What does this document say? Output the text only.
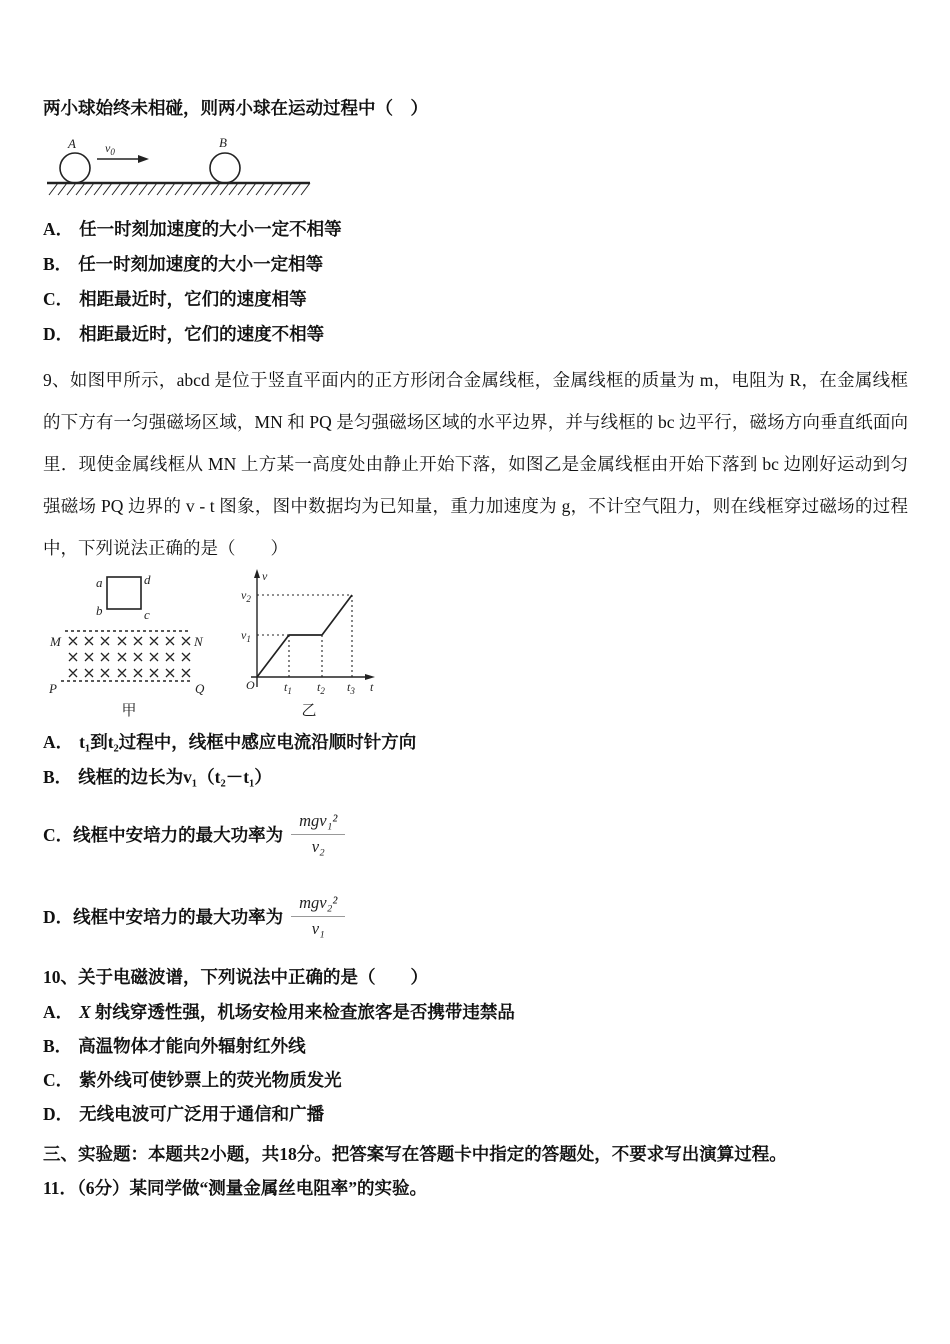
两小球始终未相碰，则两小球在运动过程中（　）

A $v_0$
B

A． 任一时刻加速度的大小一定不相等

B． 任一时刻加速度的大小一定相等

C． 相距最近时，它们的速度相等

D． 相距最近时，它们的速度不相等

9、如图甲所示，abcd 是位于竖直平面内的正方形闭合金属线框，金属线框的质量为 m，电阻为 R，在金属线框的下方有一匀强磁场区域，MN 和 PQ 是匀强磁场区域的水平边界，并与线框的 bc 边平行，磁场方向垂直纸面向里．现使金属线框从 MN 上方某一高度处由静止开始下落，如图乙是金属线框由开始下落到 bc 边刚好运动到匀强磁场 PQ 边界的 v - t 图象，图中数据均为已知量，重力加速度为 g，不计空气阻力，则在线框穿过磁场的过程中，下列说法正确的是（　　）

a	d
b	c
M	N
P	Q
甲
v
t
O
$v_2$
$v_1$
$t_1$ $t_2$ $t_3$
乙

A． t₁到t₂过程中，线框中感应电流沿顺时针方向

B． 线框的边长为v₁（t₂－t₁）

C． 线框中安培力的最大功率为 $\frac{\text{mgv₁²}}{\text{v₂}}$
D． 线框中安培力的最大功率为 $\frac{\text{mgv₂²}}{\text{v₁}}$

10、关于电磁波谱，下列说法中正确的是（　　）

A． X 射线穿透性强，机场安检用来检查旅客是否携带违禁品

B． 高温物体才能向外辐射红外线

C． 紫外线可使钞票上的荧光物质发光

D． 无线电波可广泛用于通信和广播

三、实验题：本题共2小题，共18分。把答案写在答题卡中指定的答题处，不要求写出演算过程。

11．（6分）某同学做“测量金属丝电阻率”的实验。
